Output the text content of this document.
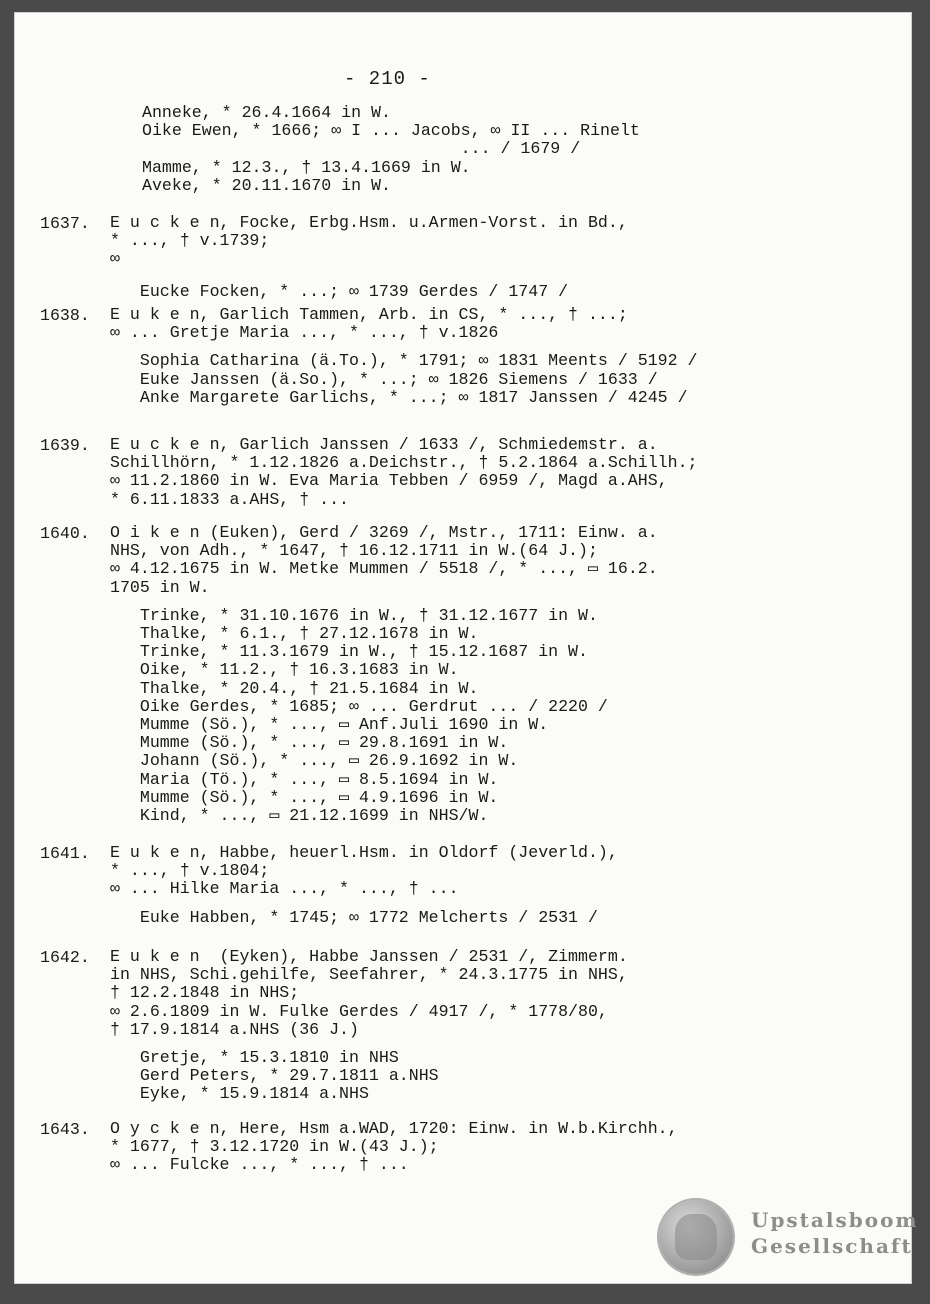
- 210 -
Anneke, * 26.4.1664 in W.
Oike Ewen, * 1666; ∞ I ... Jacobs, ∞ II ... Rinelt
... / 1679 /
Mamme, * 12.3., † 13.4.1669 in W.
Aveke, * 20.11.1670 in W.
1637. E u c k e n, Focke, Erbg.Hsm. u.Armen-Vorst. in Bd.,
* ..., † v.1739;
∞
Eucke Focken, * ...; ∞ 1739 Gerdes / 1747 /
1638. E u k e n, Garlich Tammen, Arb. in CS, * ..., † ...;
∞ ... Gretje Maria ..., * ..., † v.1826
Sophia Catharina (ä.To.), * 1791; ∞ 1831 Meents / 5192 /
Euke Janssen (ä.So.), * ...; ∞ 1826 Siemens / 1633 /
Anke Margarete Garlichs, * ...; ∞ 1817 Janssen / 4245 /
1639. E u c k e n, Garlich Janssen / 1633 /, Schmiedemstr. a.
Schillhörn, * 1.12.1826 a.Deichstr., † 5.2.1864 a.Schillh.;
∞ 11.2.1860 in W. Eva Maria Tebben / 6959 /, Magd a.AHS,
* 6.11.1833 a.AHS, † ...
1640. O i k e n (Euken), Gerd / 3269 /, Mstr., 1711: Einw. a.
NHS, von Adh., * 1647, † 16.12.1711 in W.(64 J.);
∞ 4.12.1675 in W. Metke Mummen / 5518 /, * ..., ▭ 16.2.
1705 in W.
Trinke, * 31.10.1676 in W., † 31.12.1677 in W.
Thalke, * 6.1., † 27.12.1678 in W.
Trinke, * 11.3.1679 in W., † 15.12.1687 in W.
Oike, * 11.2., † 16.3.1683 in W.
Thalke, * 20.4., † 21.5.1684 in W.
Oike Gerdes, * 1685; ∞ ... Gerdrut ... / 2220 /
Mumme (Sö.), * ..., ▭ Anf.Juli 1690 in W.
Mumme (Sö.), * ..., ▭ 29.8.1691 in W.
Johann (Sö.), * ..., ▭ 26.9.1692 in W.
Maria (Tö.), * ..., ▭ 8.5.1694 in W.
Mumme (Sö.), * ..., ▭ 4.9.1696 in W.
Kind, * ..., ▭ 21.12.1699 in NHS/W.
1641. E u k e n, Habbe, heuerl.Hsm. in Oldorf (Jeverld.),
* ..., † v.1804;
∞ ... Hilke Maria ..., * ..., † ...
Euke Habben, * 1745; ∞ 1772 Melcherts / 2531 /
1642. E u k e n  (Eyken), Habbe Janssen / 2531 /, Zimmerm.
in NHS, Schi.gehilfe, Seefahrer, * 24.3.1775 in NHS,
† 12.2.1848 in NHS;
∞ 2.6.1809 in W. Fulke Gerdes / 4917 /, * 1778/80,
† 17.9.1814 a.NHS (36 J.)
Gretje, * 15.3.1810 in NHS
Gerd Peters, * 29.7.1811 a.NHS
Eyke, * 15.9.1814 a.NHS
1643. O y c k e n, Here, Hsm a.WAD, 1720: Einw. in W.b.Kirchh.,
* 1677, † 3.12.1720 in W.(43 J.);
∞ ... Fulcke ..., * ..., † ...
Upstalsboom
Gesellschaft
